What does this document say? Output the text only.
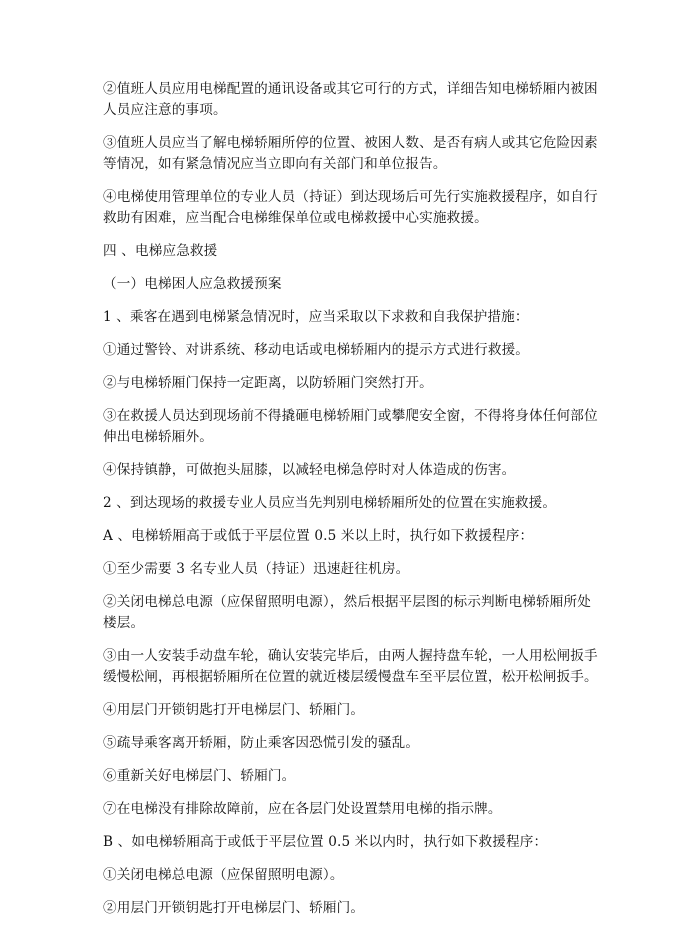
②值班人员应用电梯配置的通讯设备或其它可行的方式，详细告知电梯轿厢内被困人员应注意的事项。

③值班人员应当了解电梯轿厢所停的位置、被困人数、是否有病人或其它危险因素等情况，如有紧急情况应当立即向有关部门和单位报告。

④电梯使用管理单位的专业人员（持证）到达现场后可先行实施救援程序，如自行救助有困难，应当配合电梯维保单位或电梯救援中心实施救援。

四 、电梯应急救援

（一）电梯困人应急救援预案

1 、乘客在遇到电梯紧急情况时，应当采取以下求救和自我保护措施：

①通过警铃、对讲系统、移动电话或电梯轿厢内的提示方式进行救援。

②与电梯轿厢门保持一定距离，以防轿厢门突然打开。

③在救援人员达到现场前不得撬砸电梯轿厢门或攀爬安全窗，不得将身体任何部位伸出电梯轿厢外。

④保持镇静，可做抱头屈膝，以减轻电梯急停时对人体造成的伤害。

2 、到达现场的救援专业人员应当先判别电梯轿厢所处的位置在实施救援。

A 、电梯轿厢高于或低于平层位置 0.5 米以上时，执行如下救援程序：

①至少需要 3 名专业人员（持证）迅速赶往机房。

②关闭电梯总电源（应保留照明电源），然后根据平层图的标示判断电梯轿厢所处楼层。

③由一人安装手动盘车轮，确认安装完毕后，由两人握持盘车轮，一人用松闸扳手缓慢松闸，再根据轿厢所在位置的就近楼层缓慢盘车至平层位置，松开松闸扳手。

④用层门开锁钥匙打开电梯层门、轿厢门。

⑤疏导乘客离开轿厢，防止乘客因恐慌引发的骚乱。

⑥重新关好电梯层门、轿厢门。

⑦在电梯没有排除故障前，应在各层门处设置禁用电梯的指示牌。

B 、如电梯轿厢高于或低于平层位置 0.5 米以内时，执行如下救援程序：

①关闭电梯总电源（应保留照明电源）。

②用层门开锁钥匙打开电梯层门、轿厢门。
